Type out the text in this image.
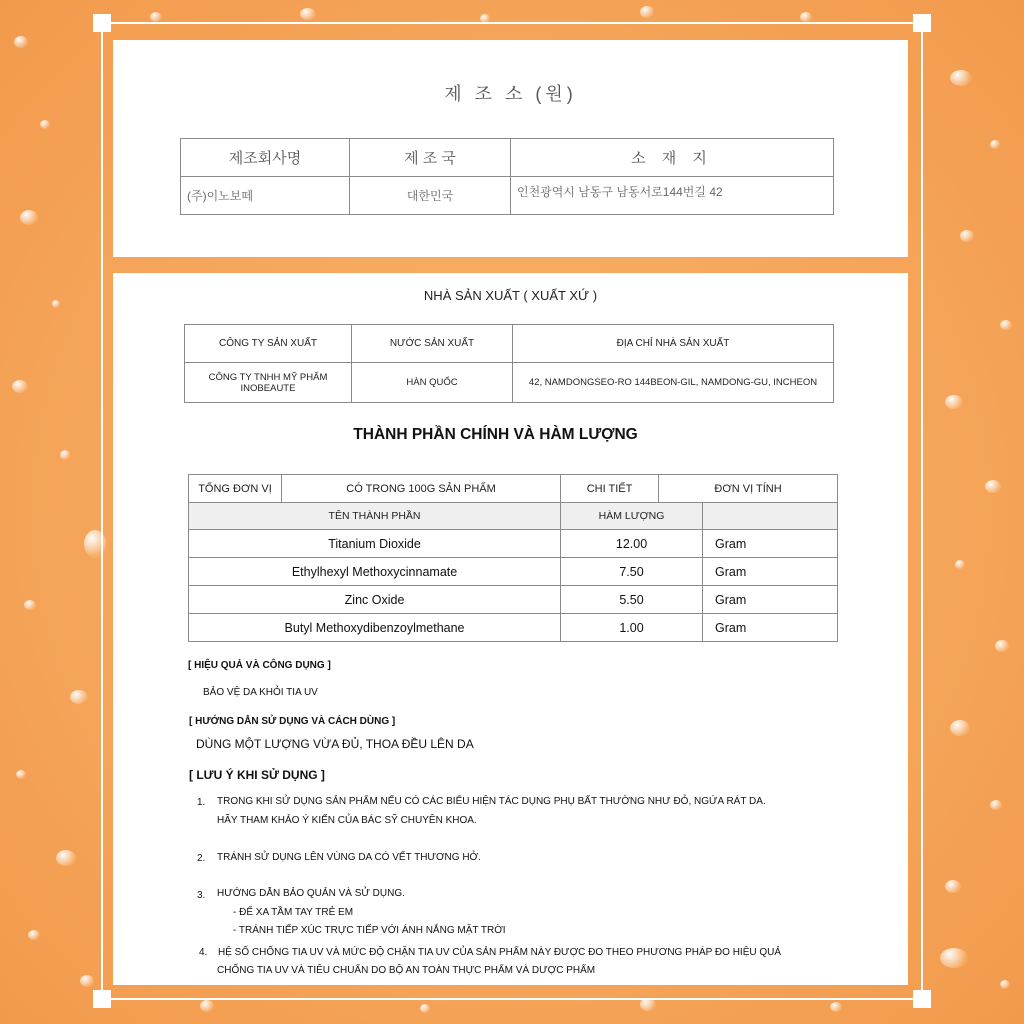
제 조 소 (원)
제조회사명	제 조 국	소 재 지
(주)이노보떼	대한민국	인천광역시 남동구 남동서로144번길 42
NHÀ SẢN XUẤT ( XUẤT XỨ )
CÔNG TY SẢN XUẤT	NƯỚC SẢN XUẤT	ĐỊA CHỈ NHÀ SẢN XUẤT
CÔNG TY TNHH MỸ PHẨM
INOBEAUTE	HÀN QUỐC	42, NAMDONGSEO-RO 144BEON-GIL, NAMDONG-GU, INCHEON
THÀNH PHẦN CHÍNH VÀ HÀM LƯỢNG
TỔNG ĐƠN VỊ	CÓ TRONG 100G SẢN PHẨM	CHI TIẾT	ĐƠN VỊ TÍNH	
TÊN THÀNH PHẦN		HÀM LƯỢNG		
Titanium Dioxide		12.00		Gram
Ethylhexyl Methoxycinnamate		7.50		Gram
Zinc Oxide		5.50		Gram
Butyl Methoxydibenzoylmethane		1.00		Gram
[ HIỆU QUẢ VÀ CÔNG DỤNG ]
BẢO VỆ DA KHỎI TIA UV
[ HƯỚNG DẪN SỬ DỤNG VÀ CÁCH DÙNG ]
DÙNG MỘT LƯỢNG VỪA ĐỦ, THOA ĐỀU LÊN DA
[ LƯU Ý KHI SỬ DỤNG ]
1. TRONG KHI SỬ DỤNG SẢN PHẨM NẾU CÓ CÁC BIỂU HIỆN TÁC DỤNG PHỤ BẤT THƯỜNG NHƯ ĐỎ, NGỨA RÁT DA.
HÃY THAM KHẢO Ý KIẾN CỦA BÁC SỸ CHUYÊN KHOA.
2. TRÁNH SỬ DỤNG LÊN VÙNG DA CÓ VẾT THƯƠNG HỞ.
3. HƯỚNG DẪN BẢO QUẢN VÀ SỬ DỤNG.
- ĐỂ XA TẦM TAY TRẺ EM
- TRÁNH TIẾP XÚC TRỰC TIẾP VỚI ÁNH NẮNG MẶT TRỜI
4. HỆ SỐ CHỐNG TIA UV VÀ MỨC ĐỘ CHẶN TIA UV CỦA SẢN PHẨM NÀY ĐƯỢC ĐO THEO PHƯƠNG PHÁP ĐO HIỆU QUẢ
CHỐNG TIA UV VÀ TIÊU CHUẨN DO BỘ AN TOÀN THỰC PHẨM VÀ DƯỢC PHẨM
